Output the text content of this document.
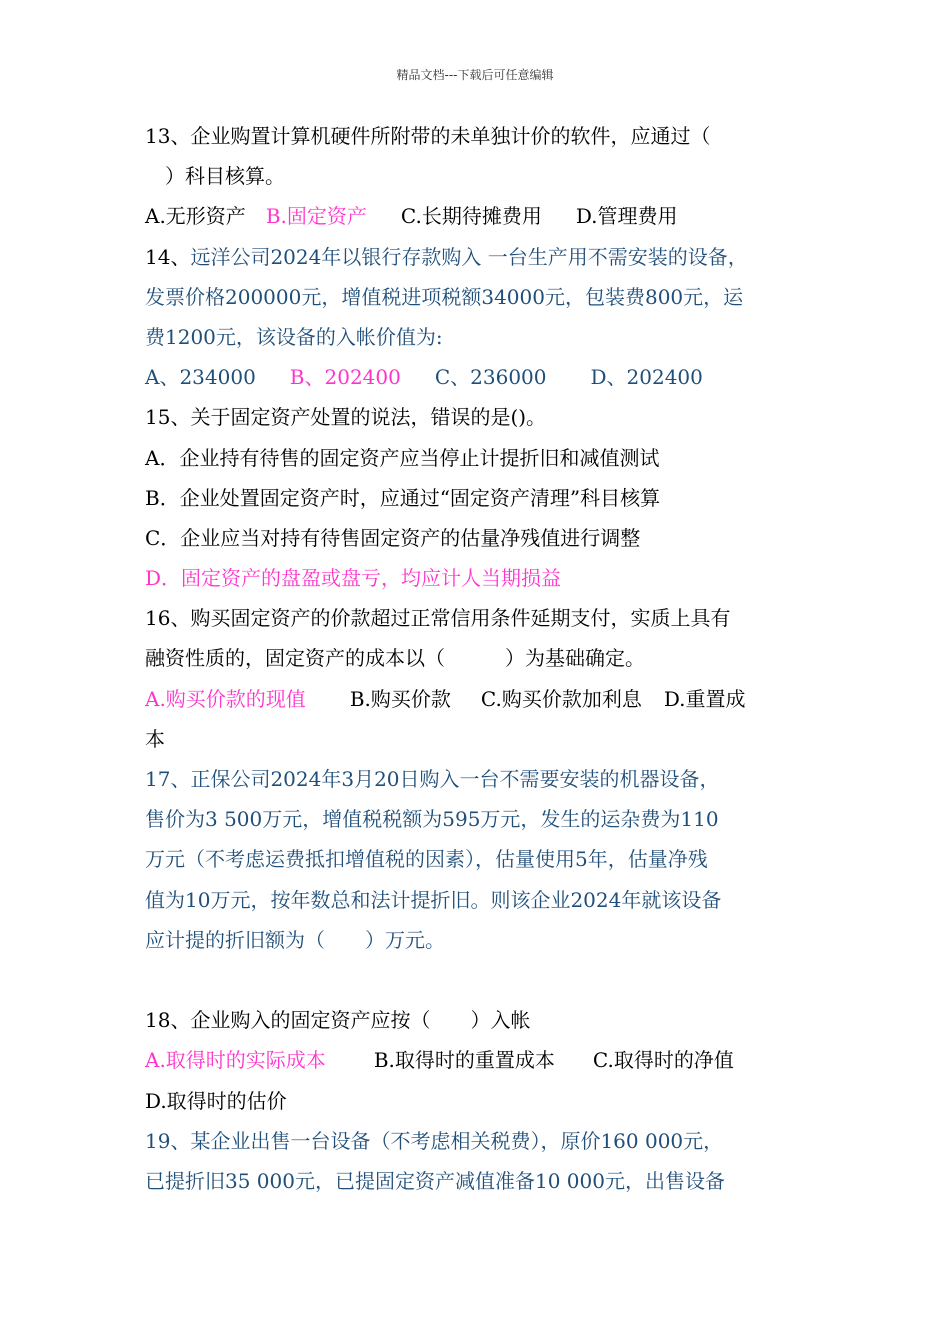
精品文档---下载后可任意编辑
13、企业购置计算机硬件所附带的未单独计价的软件，应通过（
　）科目核算。
A.无形资产 B.固定资产 C.长期待摊费用 D.管理费用
14、远洋公司2024年以银行存款购入 一台生产用不需安装的设备，
发票价格200000元，增值税进项税额34000元，包装费800元，运
费1200元，该设备的入帐价值为:
A、234000 B、202400 C、236000 D、202400
15、关于固定资产处置的说法，错误的是()。
A．企业持有待售的固定资产应当停止计提折旧和减值测试
B．企业处置固定资产时，应通过“固定资产清理”科目核算
C．企业应当对持有待售固定资产的估量净残值进行调整
D．固定资产的盘盈或盘亏，均应计人当期损益
16、购买固定资产的价款超过正常信用条件延期支付，实质上具有
融资性质的，固定资产的成本以（　　　）为基础确定。
A.购买价款的现值 B.购买价款 C.购买价款加利息 D.重置成
本
17、正保公司2024年3月20日购入一台不需要安装的机器设备，
售价为3 500万元，增值税税额为595万元，发生的运杂费为110
万元（不考虑运费抵扣增值税的因素），估量使用5年，估量净残
值为10万元，按年数总和法计提折旧。则该企业2024年就该设备
应计提的折旧额为（　　）万元。
18、企业购入的固定资产应按（　　）入帐
A.取得时的实际成本 B.取得时的重置成本 C.取得时的净值
D.取得时的估价
19、某企业出售一台设备（不考虑相关税费），原价160 000元，
已提折旧35 000元，已提固定资产减值准备10 000元，出售设备
